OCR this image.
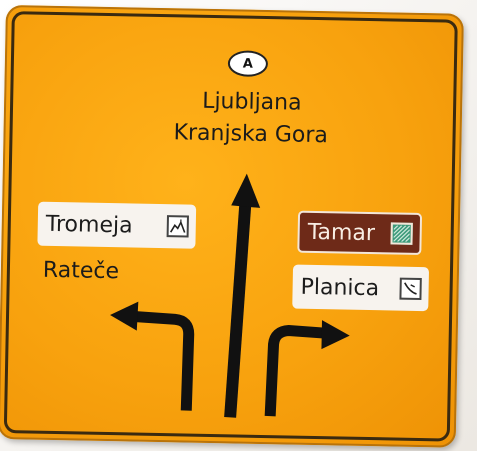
A
Ljubljana
Kranjska Gora
Tromeja
Rateče
Tamar
Planica
